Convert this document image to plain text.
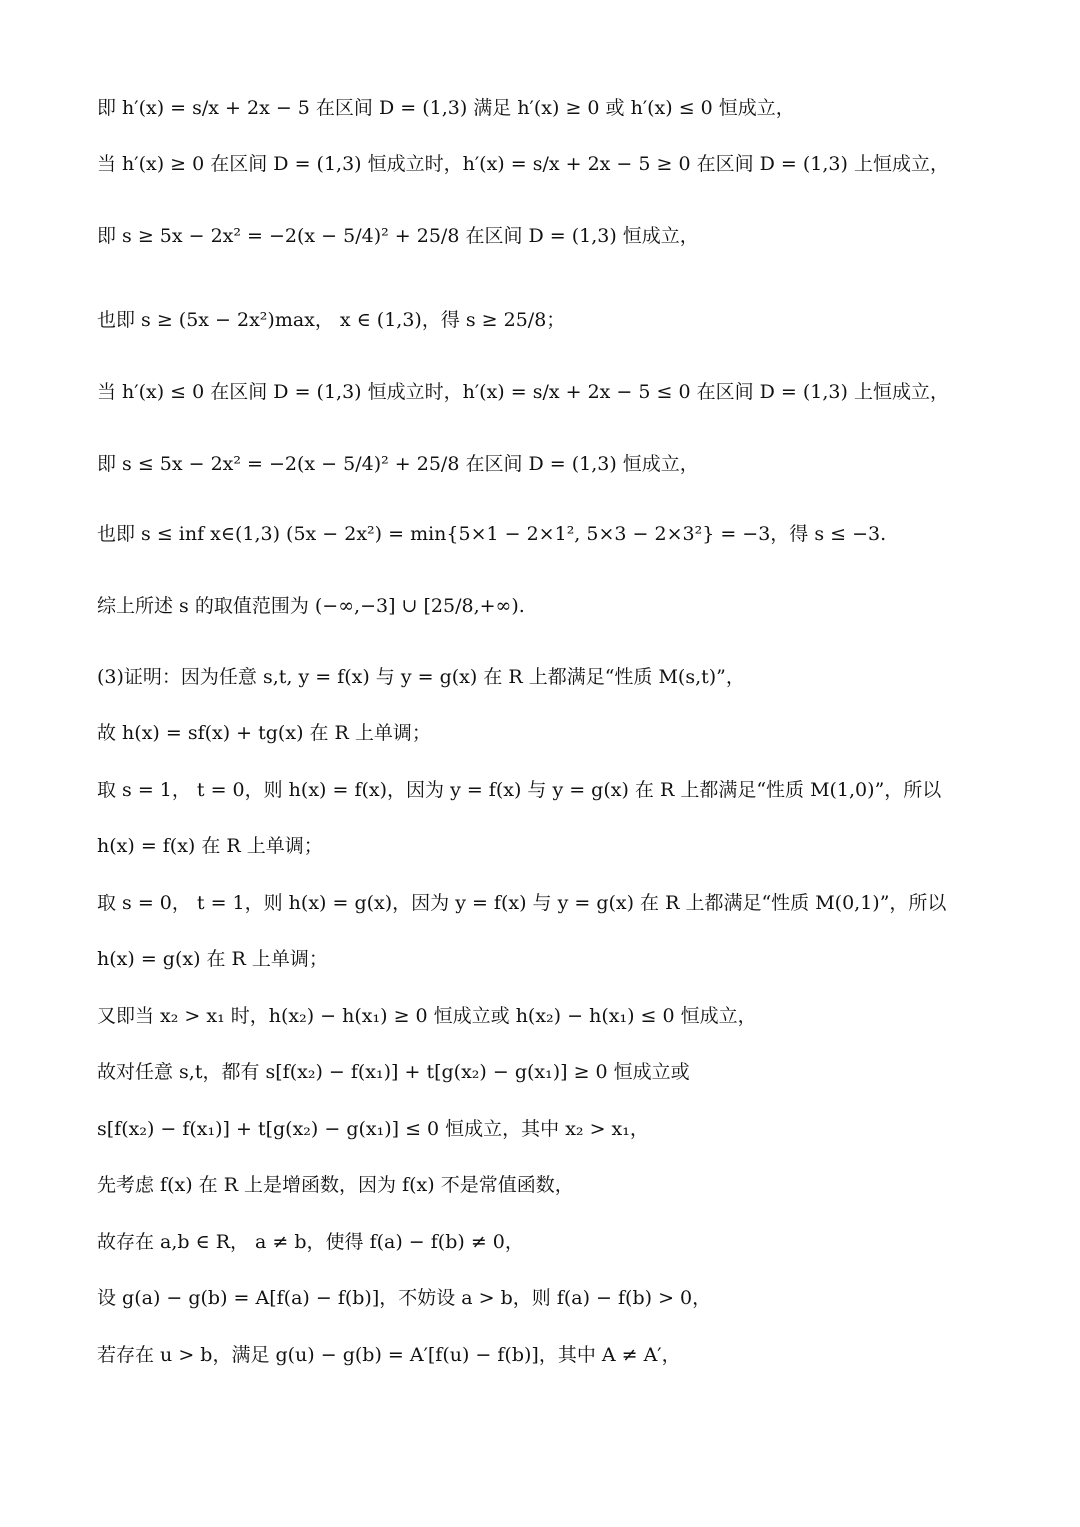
即 h′(x) = s/x + 2x − 5 在区间 D = (1,3) 满足 h′(x) ≥ 0 或 h′(x) ≤ 0 恒成立，
当 h′(x) ≥ 0 在区间 D = (1,3) 恒成立时，h′(x) = s/x + 2x − 5 ≥ 0 在区间 D = (1,3) 上恒成立，
即 s ≥ 5x − 2x² = −2(x − 5/4)² + 25/8 在区间 D = (1,3) 恒成立，
也即 s ≥ (5x − 2x²)max， x ∈ (1,3)，得 s ≥ 25/8；
当 h′(x) ≤ 0 在区间 D = (1,3) 恒成立时，h′(x) = s/x + 2x − 5 ≤ 0 在区间 D = (1,3) 上恒成立，
即 s ≤ 5x − 2x² = −2(x − 5/4)² + 25/8 在区间 D = (1,3) 恒成立，
也即 s ≤ inf x∈(1,3) (5x − 2x²) = min{5×1 − 2×1², 5×3 − 2×3²} = −3，得 s ≤ −3.
综上所述 s 的取值范围为 (−∞,−3] ∪ [25/8,+∞).
(3)证明：因为任意 s,t, y = f(x) 与 y = g(x) 在 R 上都满足“性质 M(s,t)”，
故 h(x) = sf(x) + tg(x) 在 R 上单调；
取 s = 1， t = 0，则 h(x) = f(x)，因为 y = f(x) 与 y = g(x) 在 R 上都满足“性质 M(1,0)”，所以
h(x) = f(x) 在 R 上单调；
取 s = 0， t = 1，则 h(x) = g(x)，因为 y = f(x) 与 y = g(x) 在 R 上都满足“性质 M(0,1)”，所以
h(x) = g(x) 在 R 上单调；
又即当 x₂ > x₁ 时，h(x₂) − h(x₁) ≥ 0 恒成立或 h(x₂) − h(x₁) ≤ 0 恒成立，
故对任意 s,t，都有 s[f(x₂) − f(x₁)] + t[g(x₂) − g(x₁)] ≥ 0 恒成立或
s[f(x₂) − f(x₁)] + t[g(x₂) − g(x₁)] ≤ 0 恒成立，其中 x₂ > x₁，
先考虑 f(x) 在 R 上是增函数，因为 f(x) 不是常值函数，
故存在 a,b ∈ R， a ≠ b，使得 f(a) − f(b) ≠ 0，
设 g(a) − g(b) = A[f(a) − f(b)]，不妨设 a > b，则 f(a) − f(b) > 0，
若存在 u > b，满足 g(u) − g(b) = A′[f(u) − f(b)]，其中 A ≠ A′，
